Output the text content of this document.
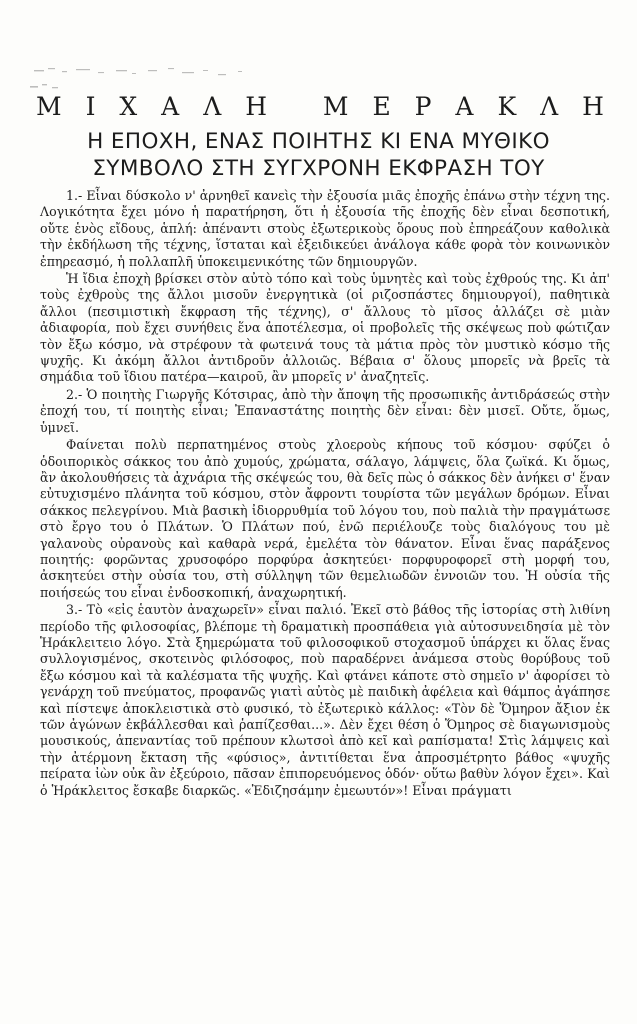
Μ Ι Χ Α Λ Η
Μ Ε Ρ Α Κ Λ Η
Η ΕΠΟΧΗ, ΕΝΑΣ ΠΟΙΗΤΗΣ ΚΙ ΕΝΑ ΜΥΘΙΚΟ
ΣΥΜΒΟΛΟ ΣΤΗ ΣΥΓΧΡΟΝΗ ΕΚΦΡΑΣΗ ΤΟΥ

1.- Εἶναι δύσκολο ν' ἀρνηθεῖ κανεὶς τὴν ἐξουσία μιᾶς ἐποχῆς ἐπάνω στὴν τέχνη της. Λογικότητα ἔχει μόνο ἡ παρατήρηση, ὅτι ἡ ἐξουσία τῆς ἐποχῆς δὲν εἶναι δεσποτική, οὔτε ἑνὸς εἴδους, ἁπλή: ἀπέναντι στοὺς ἐξωτερικοὺς ὅρους ποὺ ἐπηρεάζουν καθολικὰ τὴν ἐκδήλωση τῆς τέχνης, ἵσταται καὶ ἐξειδικεύει ἀνάλογα κάθε φορὰ τὸν κοινωνικὸν ἐπηρεασμό, ἡ πολλαπλῆ ὑποκειμενικότης τῶν δημιουργῶν.

Ἡ ἴδια ἐποχὴ βρίσκει στὸν αὐτὸ τόπο καὶ τοὺς ὑμνητὲς καὶ τοὺς ἐχθρούς της. Κι ἀπ' τοὺς ἐχθροὺς της ἄλλοι μισοῦν ἐνεργητικὰ (οἱ ριζοσπάστες δημιουργοί), παθητικὰ ἄλλοι (πεσιμιστικὴ ἔκφραση τῆς τέχνης), σ' ἄλλους τὸ μῖσος ἀλλάζει σὲ μιὰν ἀδιαφορία, ποὺ ἔχει συνήθεις ἕνα ἀποτέλεσμα, οἱ προβολεῖς τῆς σκέψεως ποὺ φώτιζαν τὸν ἔξω κόσμο, νὰ στρέφουν τὰ φωτεινά τους τὰ μάτια πρὸς τὸν μυστικὸ κόσμο τῆς ψυχῆς. Κι ἀκόμη ἄλλοι ἀντιδροῦν ἀλλοιῶς. Βέβαια σ' ὅλους μπορεῖς νὰ βρεῖς τὰ σημάδια τοῦ ἴδιου πατέρα—καιροῦ, ἂν μπορεῖς ν' ἀναζητεῖς.

2.- Ὁ ποιητὴς Γιωργῆς Κότσιρας, ἀπὸ τὴν ἄποψη τῆς προσωπικῆς ἀντιδράσεώς στὴν ἐποχή του, τί ποιητὴς εἶναι; Ἐπαναστάτης ποιητὴς δὲν εἶναι: δὲν μισεῖ. Οὔτε, ὅμως, ὑμνεῖ.

Φαίνεται πολὺ περπατημένος στοὺς χλοεροὺς κήπους τοῦ κόσμου· σφύζει ὁ ὁδοιπορικὸς σάκκος του ἀπὸ χυμούς, χρώματα, σάλαγο, λάμψεις, ὅλα ζωϊκά. Κι ὅμως, ἂν ἀκολουθήσεις τὰ ἀχνάρια τῆς σκέψεώς του, θὰ δεῖς πὼς ὁ σάκκος δὲν ἀνήκει σ' ἕναν εὐτυχισμένο πλάνητα τοῦ κόσμου, στὸν ἄφροντι τουρίστα τῶν μεγάλων δρόμων. Εἶναι σάκκος πελεγρίνου. Μιὰ βασικὴ ἰδιορρυθμία τοῦ λόγου του, ποὺ παλιὰ τὴν πραγμάτωσε στὸ ἔργο του ὁ Πλάτων. Ὁ Πλάτων πού, ἐνῶ περιέλουζε τοὺς διαλόγους του μὲ γαλανοὺς οὐρανοὺς καὶ καθαρὰ νερά, ἐμελέτα τὸν θάνατον. Εἶναι ἕνας παράξενος ποιητής: φορῶντας χρυσοφόρο πορφύρα ἀσκητεύει· πορφυροφορεῖ στὴ μορφή του, ἀσκητεύει στὴν οὐσία του, στὴ σύλληψη τῶν θεμελιωδῶν ἐννοιῶν του. Ἡ οὐσία τῆς ποιήσεώς του εἶναι ἐνδοσκοπική, ἀναχωρητική.

3.- Τὸ «εἰς ἑαυτὸν ἀναχωρεῖν» εἶναι παλιό. Ἐκεῖ στὸ βάθος τῆς ἱστορίας στὴ λιθίνη περίοδο τῆς φιλοσοφίας, βλέπομε τὴ δραματικὴ προσπάθεια γιὰ αὐτοσυνειδησία μὲ τὸν Ἡράκλειτειο λόγο. Στὰ ξημερώματα τοῦ φιλοσοφικοῦ στοχασμοῦ ὑπάρχει κι ὅλας ἕνας συλλογισμένος, σκοτεινὸς φιλόσοφος, ποὺ παραδέρνει ἀνάμεσα στοὺς θορύβους τοῦ ἔξω κόσμου καὶ τὰ καλέσματα τῆς ψυχῆς. Καὶ φτάνει κάποτε στὸ σημεῖο ν' ἀφορίσει τὸ γενάρχη τοῦ πνεύματος, προφανῶς γιατὶ αὐτὸς μὲ παιδικὴ ἀφέλεια καὶ θάμπος ἀγάπησε καὶ πίστεψε ἀποκλειστικὰ στὸ φυσικό, τὸ ἐξωτερικὸ κάλλος: «Τὸν δὲ Ὅμηρον ἄξιον ἐκ τῶν ἀγώνων ἐκβάλλεσθαι καὶ ῥαπίζεσθαι...». Δὲν ἔχει θέση ὁ Ὅμηρος σὲ διαγωνισμοὺς μουσικούς, ἀπεναντίας τοῦ πρέπουν κλωτσοὶ ἀπὸ κεῖ καὶ ραπίσματα! Στὶς λάμψεις καὶ τὴν ἀτέρμονη ἔκταση τῆς «φύσιος», ἀντιτίθεται ἕνα ἀπροσμέτρητο βάθος «ψυχῆς πείρατα ἰὼν οὐκ ἂν ἐξεύροιο, πᾶσαν ἐπιπορευόμενος ὁδόν· οὕτω βαθὺν λόγον ἔχει». Καὶ ὁ Ἡράκλειτος ἔσκαβε διαρκῶς. «Ἐδιζησάμην ἐμεωυτόν»! Εἶναι πράγματι
